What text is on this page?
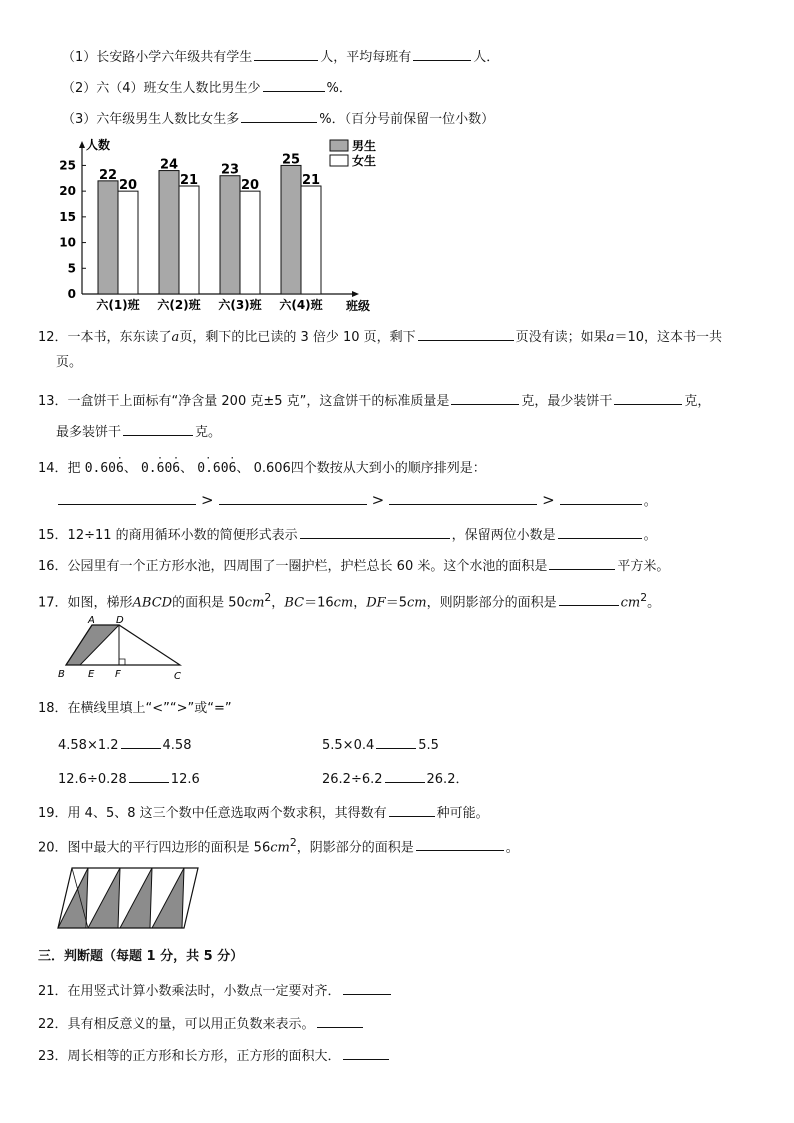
（1）长安路小学六年级共有学生	人，平均每班有	人．
（2）六（4）班女生人数比男生少	%．
（3）六年级男生人数比女生多	%．（百分号前保留一位小数）
人数
班级
0
5
10
15
20
25
22
20
六(1)班
24
21
六(2)班
23
20
六(3)班
25
21
六(4)班
男生
女生
12．一本书，东东读了a页，剩下的比已读的 3 倍少 10 页，剩下	页没有读；如果a＝10，这本书一共
页。
13．一盒饼干上面标有“净含量 200 克±5 克”，这盒饼干的标准质量是	克，最少装饼干	克，
最多装饼干	克。
14．把 0.606
·
、 0.606
· ·
、 0.606
· ·
、 0.606四个数按从大到小的顺序排列是：
>	>	>	。
15．12÷11 的商用循环小数的简便形式表示	，保留两位小数是	。
16．公园里有一个正方形水池，四周围了一圈护栏，护栏总长 60 米。这个水池的面积是	平方米。
17．如图，梯形ABCD的面积是 $50cm^2$，BC＝16cm，DF＝5cm，则阴影部分的面积是	$cm^2$。
A D
B E F	C
18．在横线里填上“<”“>”或“=”
4.58×1.2	4.58	5.5×0.4	5.5
12.6÷0.28	12.6	26.2÷6.2	26.2．
19．用 4、5、8 这三个数中任意选取两个数求积，其得数有	种可能。
20．图中最大的平行四边形的面积是 $56cm^2$，阴影部分的面积是	。
三．判断题（每题 1 分，共 5 分）
21．在用竖式计算小数乘法时，小数点一定要对齐．
22．具有相反意义的量，可以用正负数来表示。
23．周长相等的正方形和长方形，正方形的面积大．
